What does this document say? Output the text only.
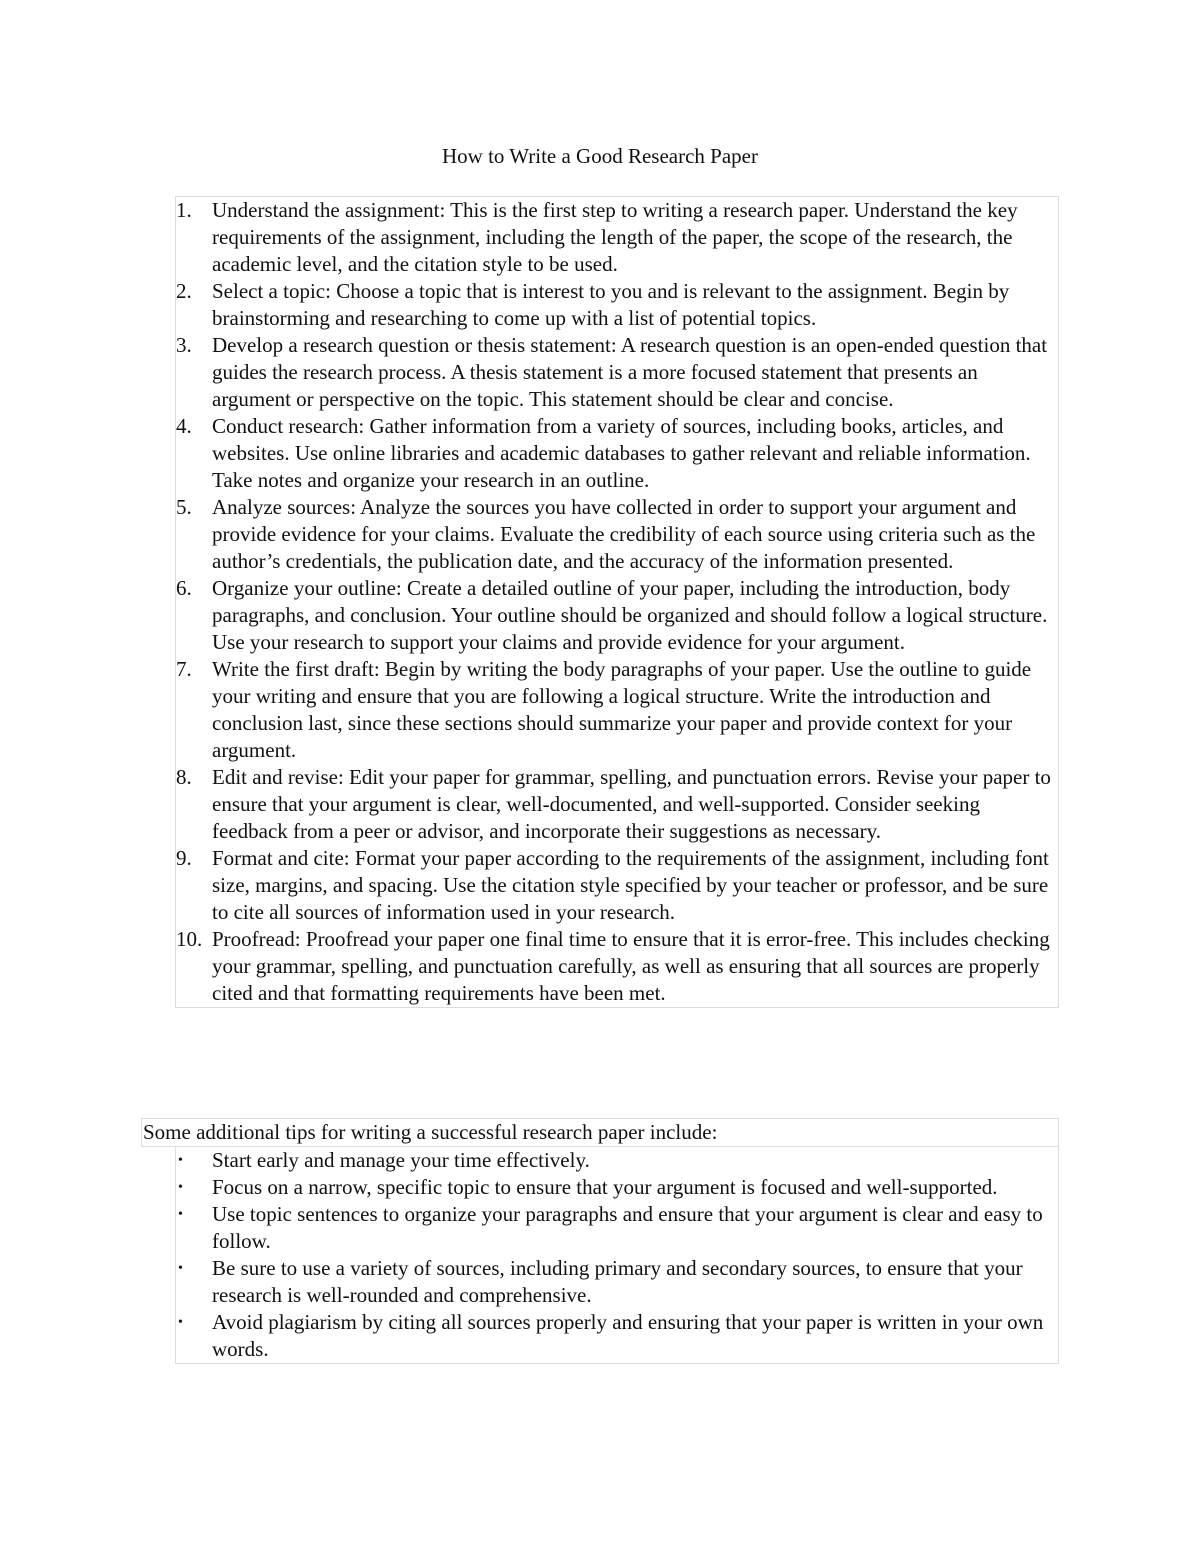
How to Write a Good Research Paper
1. Understand the assignment: This is the first step to writing a research paper. Understand the key requirements of the assignment, including the length of the paper, the scope of the research, the academic level, and the citation style to be used.
2. Select a topic: Choose a topic that is interest to you and is relevant to the assignment. Begin by brainstorming and researching to come up with a list of potential topics.
3. Develop a research question or thesis statement: A research question is an open-ended question that guides the research process. A thesis statement is a more focused statement that presents an argument or perspective on the topic. This statement should be clear and concise.
4. Conduct research: Gather information from a variety of sources, including books, articles, and websites. Use online libraries and academic databases to gather relevant and reliable information. Take notes and organize your research in an outline.
5. Analyze sources: Analyze the sources you have collected in order to support your argument and provide evidence for your claims. Evaluate the credibility of each source using criteria such as the author’s credentials, the publication date, and the accuracy of the information presented.
6. Organize your outline: Create a detailed outline of your paper, including the introduction, body paragraphs, and conclusion. Your outline should be organized and should follow a logical structure. Use your research to support your claims and provide evidence for your argument.
7. Write the first draft: Begin by writing the body paragraphs of your paper. Use the outline to guide your writing and ensure that you are following a logical structure. Write the introduction and conclusion last, since these sections should summarize your paper and provide context for your argument.
8. Edit and revise: Edit your paper for grammar, spelling, and punctuation errors. Revise your paper to ensure that your argument is clear, well-documented, and well-supported. Consider seeking feedback from a peer or advisor, and incorporate their suggestions as necessary.
9. Format and cite: Format your paper according to the requirements of the assignment, including font size, margins, and spacing. Use the citation style specified by your teacher or professor, and be sure to cite all sources of information used in your research.
10. Proofread: Proofread your paper one final time to ensure that it is error-free. This includes checking your grammar, spelling, and punctuation carefully, as well as ensuring that all sources are properly cited and that formatting requirements have been met.
Some additional tips for writing a successful research paper include:
• Start early and manage your time effectively.
• Focus on a narrow, specific topic to ensure that your argument is focused and well-supported.
• Use topic sentences to organize your paragraphs and ensure that your argument is clear and easy to follow.
• Be sure to use a variety of sources, including primary and secondary sources, to ensure that your research is well-rounded and comprehensive.
• Avoid plagiarism by citing all sources properly and ensuring that your paper is written in your own words.
